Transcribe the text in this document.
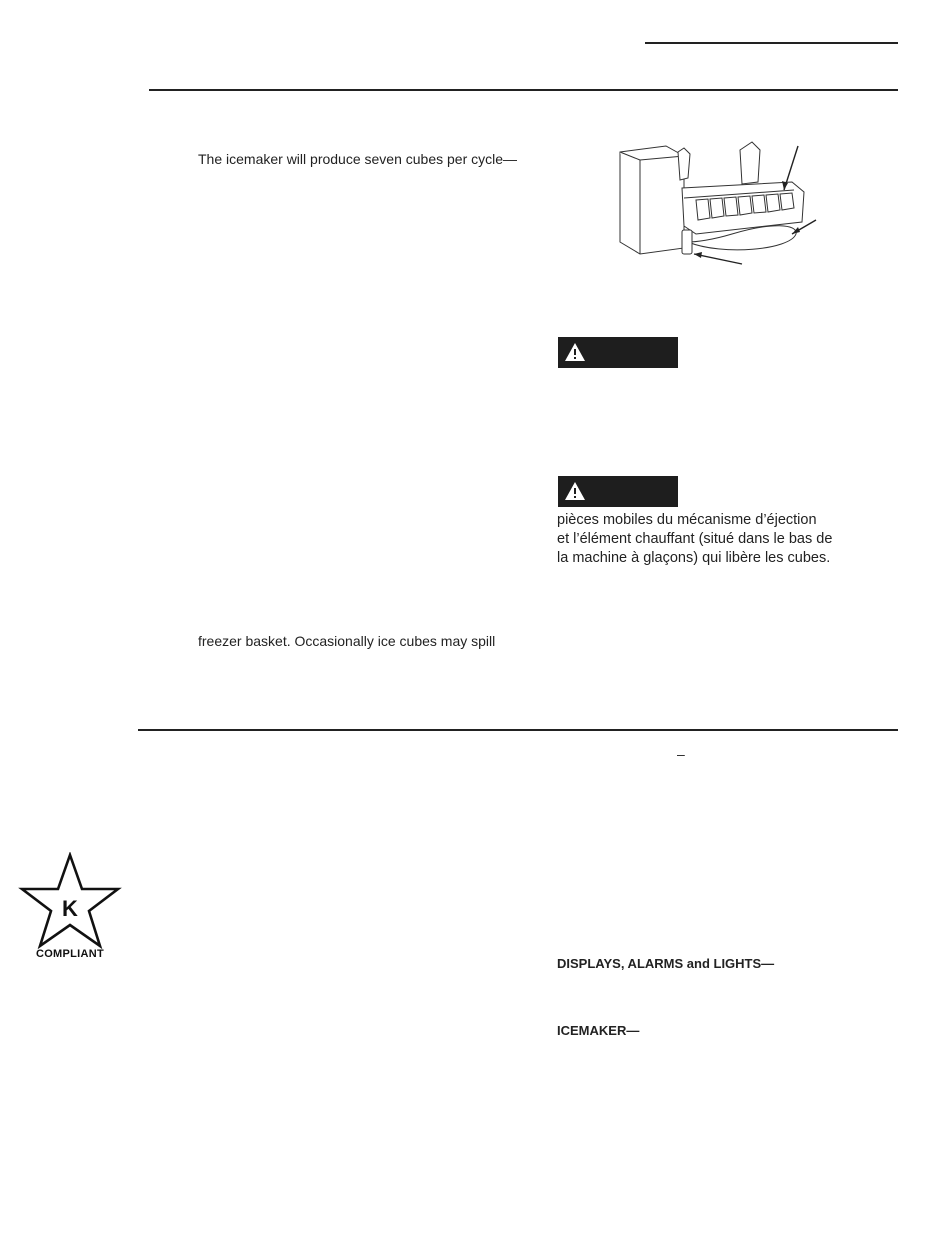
The icemaker will produce seven cubes per cycle—
freezer basket. Occasionally ice cubes may spill
pièces mobiles du mécanisme d’éjection
et l’élément chauffant (situé dans le bas de
la machine à glaçons) qui libère les cubes.
–
K
COMPLIANT
DISPLAYS, ALARMS and LIGHTS—
ICEMAKER—
